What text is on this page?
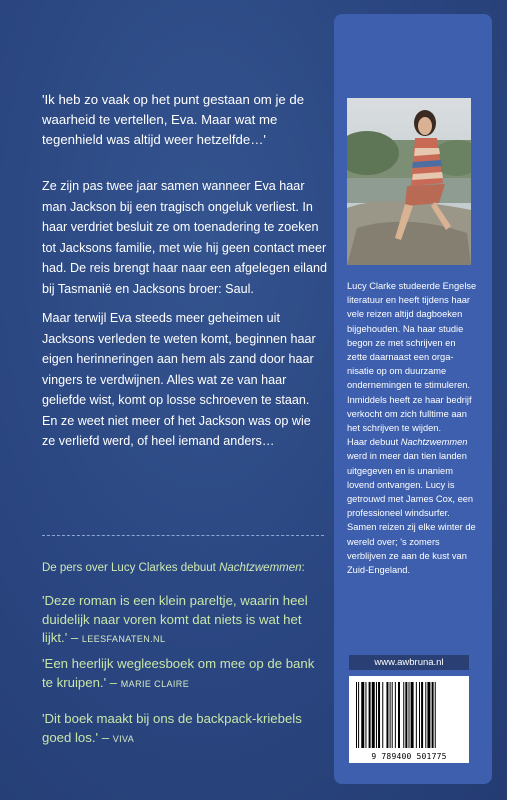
'Ik heb zo vaak op het punt gestaan om je de waarheid te vertellen, Eva. Maar wat me tegenhield was altijd weer hetzelfde…'
Ze zijn pas twee jaar samen wanneer Eva haar man Jackson bij een tragisch ongeluk verliest. In haar verdriet besluit ze om toenadering te zoeken tot Jacksons familie, met wie hij geen contact meer had. De reis brengt haar naar een afgelegen eiland bij Tasmanië en Jacksons broer: Saul.
Maar terwijl Eva steeds meer geheimen uit Jacksons verleden te weten komt, beginnen haar eigen herinneringen aan hem als zand door haar vingers te verdwijnen. Alles wat ze van haar geliefde wist, komt op losse schroeven te staan. En ze weet niet meer of het Jackson was op wie ze verliefd werd, of heel iemand anders…
De pers over Lucy Clarkes debuut Nachtzwemmen:
'Deze roman is een klein pareltje, waarin heel duidelijk naar voren komt dat niets is wat het lijkt.' – LEESFANATEN.NL
'Een heerlijk wegleesboek om mee op de bank te kruipen.' – MARIE CLAIRE
'Dit boek maakt bij ons de backpack-kriebels goed los.' – VIVA
Lucy Clarke studeerde Engelse literatuur en heeft tijdens haar vele reizen altijd dagboeken bijgehouden. Na haar studie begon ze met schrijven en zette daarnaast een orga-nisatie op om duurzame ondernemingen te stimuleren. Inmiddels heeft ze haar bedrijf verkocht om zich fulltime aan het schrijven te wijden.
Haar debuut Nachtzwemmen werd in meer dan tien landen uitgegeven en is unaniem lovend ontvangen. Lucy is getrouwd met James Cox, een professioneel windsurfer. Samen reizen zij elke winter de wereld over; 's zomers verblijven ze aan de kust van Zuid-Engeland.
www.awbruna.nl
9 789400 501775
